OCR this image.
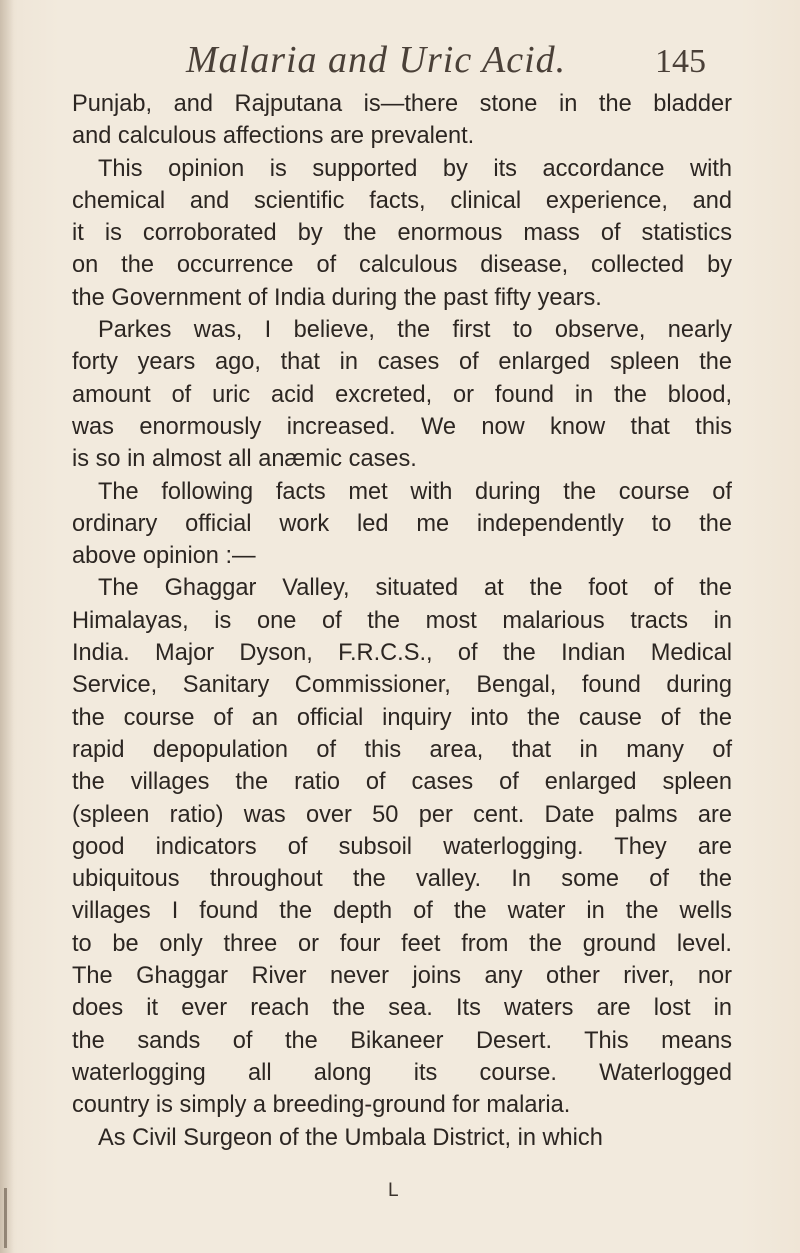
Malaria and Uric Acid.	145
Punjab, and Rajputana is—there stone in the bladder
and calculous affections are prevalent.
This opinion is supported by its accordance with
chemical and scientific facts, clinical experience, and
it is corroborated by the enormous mass of statistics
on the occurrence of calculous disease, collected by
the Government of India during the past fifty years.
Parkes was, I believe, the first to observe, nearly
forty years ago, that in cases of enlarged spleen the
amount of uric acid excreted, or found in the blood,
was enormously increased. We now know that this
is so in almost all anæmic cases.
The following facts met with during the course of
ordinary official work led me independently to the
above opinion :—
The Ghaggar Valley, situated at the foot of the
Himalayas, is one of the most malarious tracts in
India. Major Dyson, F.R.C.S., of the Indian Medical
Service, Sanitary Commissioner, Bengal, found during
the course of an official inquiry into the cause of the
rapid depopulation of this area, that in many of
the villages the ratio of cases of enlarged spleen
(spleen ratio) was over 50 per cent. Date palms are
good indicators of subsoil waterlogging. They are
ubiquitous throughout the valley. In some of the
villages I found the depth of the water in the wells
to be only three or four feet from the ground level.
The Ghaggar River never joins any other river, nor
does it ever reach the sea. Its waters are lost in
the sands of the Bikaneer Desert. This means
waterlogging all along its course. Waterlogged
country is simply a breeding-ground for malaria.
As Civil Surgeon of the Umbala District, in which
L
